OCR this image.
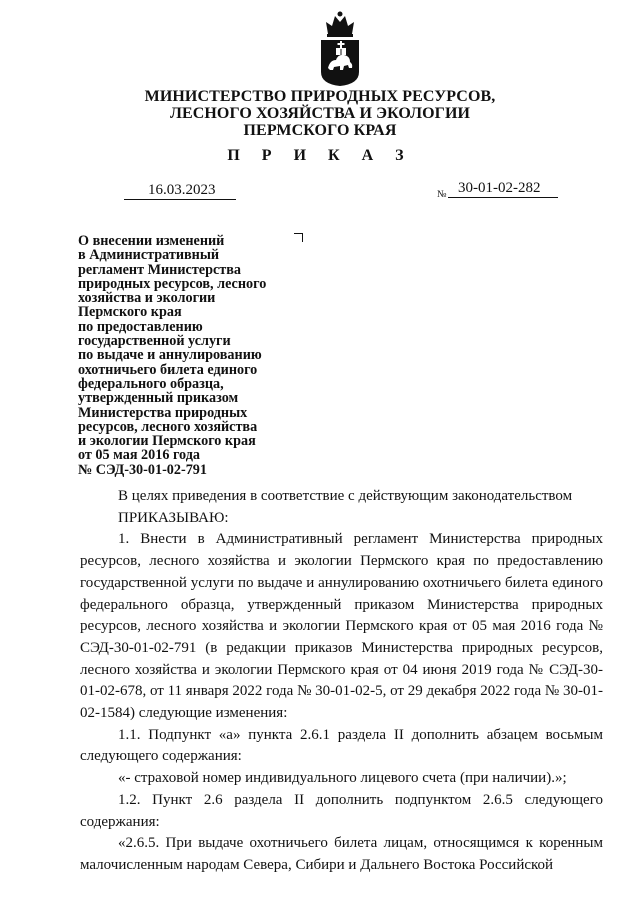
МИНИСТЕРСТВО ПРИРОДНЫХ РЕСУРСОВ,
ЛЕСНОГО ХОЗЯЙСТВА И ЭКОЛОГИИ
ПЕРМСКОГО КРАЯ
П Р И К А З
16.03.2023	№ 30-01-02-282
О внесении изменений
в Административный
регламент Министерства
природных ресурсов, лесного
хозяйства и экологии
Пермского края
по предоставлению
государственной услуги
по выдаче и аннулированию
охотничьего билета единого
федерального образца,
утвержденный приказом
Министерства природных
ресурсов, лесного хозяйства
и экологии Пермского края
от 05 мая 2016 года
№ СЭД-30-01-02-791

В целях приведения в соответствие с действующим законодательством

ПРИКАЗЫВАЮ:

1. Внести в Административный регламент Министерства природных ресурсов, лесного хозяйства и экологии Пермского края по предоставлению государственной услуги по выдаче и аннулированию охотничьего билета единого федерального образца, утвержденный приказом Министерства природных ресурсов, лесного хозяйства и экологии Пермского края от 05 мая 2016 года № СЭД-30-01-02-791 (в редакции приказов Министерства природных ресурсов, лесного хозяйства и экологии Пермского края от 04 июня 2019 года № СЭД-30-01-02-678, от 11 января 2022 года № 30-01-02-5, от 29 декабря 2022 года № 30-01-02-1584) следующие изменения:

1.1. Подпункт «а» пункта 2.6.1 раздела II дополнить абзацем восьмым следующего содержания:

«- страховой номер индивидуального лицевого счета (при наличии).»;

1.2. Пункт 2.6 раздела II дополнить подпунктом 2.6.5 следующего содержания:

«2.6.5. При выдаче охотничьего билета лицам, относящимся к коренным малочисленным народам Севера, Сибири и Дальнего Востока Российской
